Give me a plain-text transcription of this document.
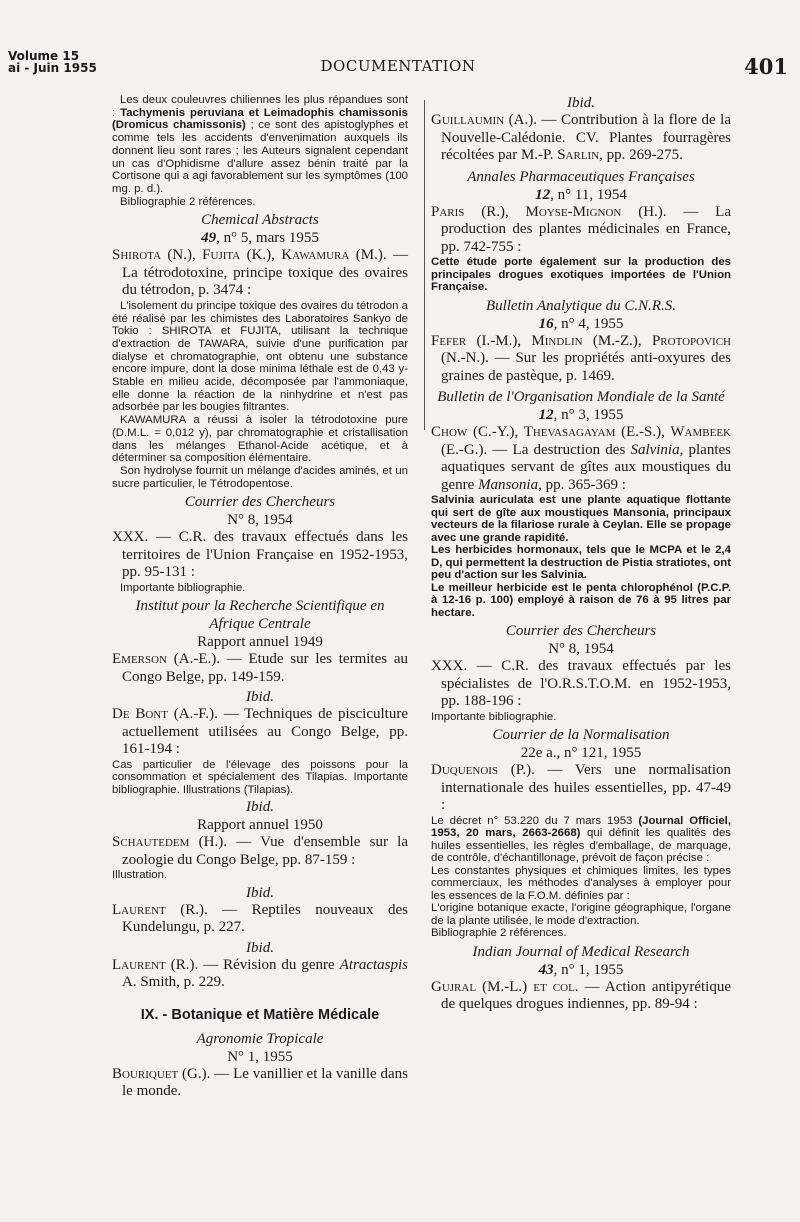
Volume 15
ai - Juin 1955	DOCUMENTATION	401

Les deux couleuvres chiliennes les plus répandues sont : Tachymenis peruviana et Leimadophis chamissonis (Dromicus chamissonis) ; ce sont des apistoglyphes et comme tels les accidents d'envenimation auxquels ils donnent lieu sont rares ; les Auteurs signalent cependant un cas d'Ophidisme d'allure assez bénin traité par la Cortisone qui a agi favorablement sur les symptômes (100 mg. p. d.).

Bibliographie 2 références.

Chemical Abstracts

49, n° 5, mars 1955

Shirota (N.), Fujita (K.), Kawamura (M.). — La tétrodotoxine, principe toxique des ovaires du tétrodon, p. 3474 :

L'isolement du principe toxique des ovaires du tétrodon a été réalisé par les chimistes des Laboratoires Sankyo de Tokio : SHIROTA et FUJITA, utilisant la technique d'extraction de TAWARA, suivie d'une purification par dialyse et chromatographie, ont obtenu une substance encore impure, dont la dose minima léthale est de 0,43 y- Stable en milieu acide, décomposée par l'ammoniaque, elle donne la réaction de la ninhydrine et n'est pas adsorbée par les bougies filtrantes.

KAWAMURA a réussi à isoler la tétrodotoxine pure (D.M.L. = 0,012 y), par chromatographie et cristallisation dans les mélanges Ethanol-Acide acétique, et à déterminer sa composition élémentaire.

Son hydrolyse fournit un mélange d'acides aminés, et un sucre particulier, le Tétrodopentose.

Courrier des Chercheurs

N° 8, 1954

XXX. — C.R. des travaux effectués dans les territoires de l'Union Française en 1952-1953, pp. 95-131 :

Importante bibliographie.

Institut pour la Recherche Scientifique en Afrique Centrale

Rapport annuel 1949

Emerson (A.-E.). — Etude sur les termites au Congo Belge, pp. 149-159.

Ibid.

De Bont (A.-F.). — Techniques de pisciculture actuellement utilisées au Congo Belge, pp. 161-194 :

Cas particulier de l'élevage des poissons pour la consommation et spécialement des Tilapias. Importante bibliographie. Illustrations (Tilapias).

Ibid.

Rapport annuel 1950

Schautedem (H.). — Vue d'ensemble sur la zoologie du Congo Belge, pp. 87-159 :

Illustration.

Ibid.

Laurent (R.). — Reptiles nouveaux des Kundelungu, p. 227.

Ibid.

Laurent (R.). — Révision du genre Atractaspis A. Smith, p. 229.

IX. - Botanique et Matière Médicale

Agronomie Tropicale

N° 1, 1955

Bouriquet (G.). — Le vanillier et la vanille dans le monde.

Ibid.

Guillaumin (A.). — Contribution à la flore de la Nouvelle-Calédonie. CV. Plantes fourragères récoltées par M.-P. Sarlin, pp. 269-275.

Annales Pharmaceutiques Françaises

12, n° 11, 1954

Paris (R.), Moyse-Mignon (H.). — La production des plantes médicinales en France, pp. 742-755 :

Cette étude porte également sur la production des principales drogues exotiques importées de l'Union Française.

Bulletin Analytique du C.N.R.S.

16, n° 4, 1955

Fefer (I.-M.), Mindlin (M.-Z.), Protopovich (N.-N.). — Sur les propriétés anti-oxyures des graines de pastèque, p. 1469.

Bulletin de l'Organisation Mondiale de la Santé

12, n° 3, 1955

Chow (C.-Y.), Thevasagayam (E.-S.), Wambeek (E.-G.). — La destruction des Salvinia, plantes aquatiques servant de gîtes aux moustiques du genre Mansonia, pp. 365-369 :

Salvinia auriculata est une plante aquatique flottante qui sert de gîte aux moustiques Mansonia, principaux vecteurs de la filariose rurale à Ceylan. Elle se propage avec une grande rapidité.

Les herbicides hormonaux, tels que le MCPA et le 2,4 D, qui permettent la destruction de Pistia stratiotes, ont peu d'action sur les Salvinia.

Le meilleur herbicide est le penta chlorophénol (P.C.P. à 12-16 p. 100) employé à raison de 76 à 95 litres par hectare.

Courrier des Chercheurs

N° 8, 1954

XXX. — C.R. des travaux effectués par les spécialistes de l'O.R.S.T.O.M. en 1952-1953, pp. 188-196 :

Importante bibliographie.

Courrier de la Normalisation

22e a., n° 121, 1955

Duquenois (P.). — Vers une normalisation internationale des huiles essentielles, pp. 47-49 :

Le décret n° 53.220 du 7 mars 1953 (Journal Officiel, 1953, 20 mars, 2663-2668) qui définit les qualités des huiles essentielles, les règles d'emballage, de marquage, de contrôle, d'échantillonage, prévoit de façon précise :

Les constantes physiques et chimiques limites, les types commerciaux, les méthodes d'analyses à employer pour les essences de la F.O.M. définies par :

L'origine botanique exacte, l'origine géographique, l'organe de la plante utilisée, le mode d'extraction.

Bibliographie 2 références.

Indian Journal of Medical Research

43, n° 1, 1955

Gujral (M.-L.) et col. — Action antipyrétique de quelques drogues indiennes, pp. 89-94 :
